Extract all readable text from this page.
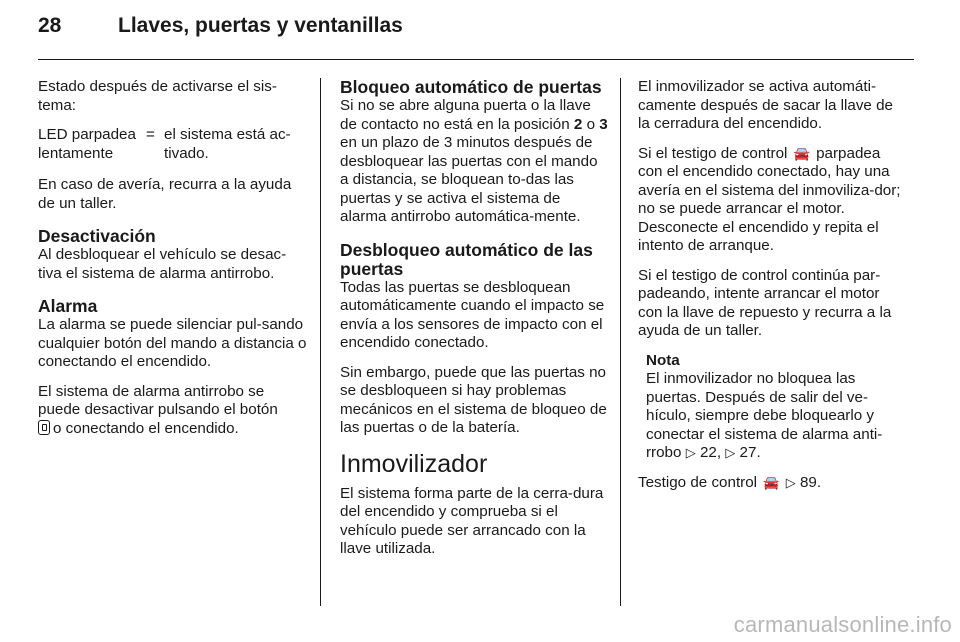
28	Llaves, puertas y ventanillas

Estado después de activarse el sis-tema:

LED parpadea lentamente
= el sistema está ac-tivado.

En caso de avería, recurra a la ayuda de un taller.

Desactivación

Al desbloquear el vehículo se desac-tiva el sistema de alarma antirrobo.

Alarma

La alarma se puede silenciar pul-sando cualquier botón del mando a distancia o conectando el encendido.

El sistema de alarma antirrobo se puede desactivar pulsando el botón
o conectando el encendido.

Bloqueo automático de puertas

Si no se abre alguna puerta o la llave de contacto no está en la posición 2 o 3 en un plazo de 3 minutos después de desbloquear las puertas con el mando a distancia, se bloquean to-das las puertas y se activa el sistema de alarma antirrobo automática-mente.

Desbloqueo automático de las puertas

Todas las puertas se desbloquean automáticamente cuando el impacto se envía a los sensores de impacto con el encendido conectado.

Sin embargo, puede que las puertas no se desbloqueen si hay problemas mecánicos en el sistema de bloqueo de las puertas o de la batería.

Inmovilizador

El sistema forma parte de la cerra-dura del encendido y comprueba si el vehículo puede ser arrancado con la llave utilizada.

El inmovilizador se activa automáti-camente después de sacar la llave de la cerradura del encendido.

Si el testigo de control 🚘 parpadea con el encendido conectado, hay una avería en el sistema del inmoviliza-dor; no se puede arrancar el motor. Desconecte el encendido y repita el intento de arranque.

Si el testigo de control continúa par-padeando, intente arrancar el motor con la llave de repuesto y recurra a la ayuda de un taller.

Nota

El inmovilizador no bloquea las puertas. Después de salir del ve-hículo, siempre debe bloquearlo y conectar el sistema de alarma anti-rrobo ▷ 22, ▷ 27.

Testigo de control 🚘 ▷ 89.

carmanualsonline.info
